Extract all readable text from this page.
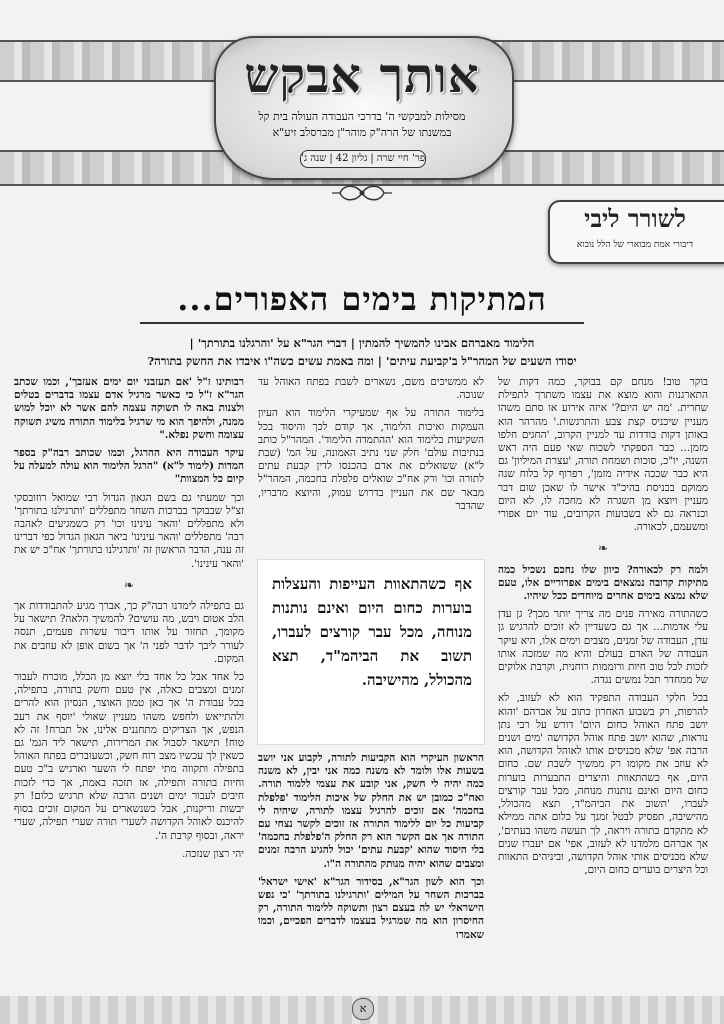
אותך אבקש
מסילות למבקשי ה' בדרכי העבודה העולה בית קל
במשנתו של הרה"ק מוהר"ן מברסלב זיע"א
פר' חיי שרה
|
גליון 42
|
שנה ג'
לשורר ליבי
דיבורי אמת מבוארי של הלל נובוא
המתיקות בימים האפורים...
הלימוד מאברהם אבינו להמשיך להמתין | דברי הגר"א על 'והרגלנו בתורתך' |
יסודו השעים של המהר"ל ב'קביעת עיתים' | ומה באמת עשים כשה"ו איבדו את החשק בתורה?

בוקר טוב! מנחם קם בבוקר, כמה דקות של התארגנות והוא מוצא את עצמו משתרך לתפילת שחרית. 'מה יש היום?' איזה אירוע או סתם משהו מעניין שיכניס קצת צבע והתרגשות.' מהרהר הוא באותן דקות בודדות עד למניין הקרוב, 'החגים חלפו מזמן... כבר הספקתי לשכוח שאי פעם היה ראש השנה, יו"כ, סוכות ושמחת תורה, 'עצרת המיליון' גם היא כבר שככה אידיה מזמן', רפרוף קל בלוח שנה ממוקם בכניסת בהיכ"ד אישר לו שאכן שום דבר מעניין ויוצא מן השגרה לא מחכה לו, לא היום וכנראה גם לא בשבועות הקרובים, עוד יום אפורי ומשעמם, לכאורה.

❧

ולמה רק לכאורה? כיוון שלו נחכם נשכיל כמה מתיקות קרובה נמצאים בימים אפרוריים אלו, טעם שלא נמצא בימים אחרים מיוחדים ככל שיהיו.

כשהתורה מאירה פנים מה צריך יותר מכך? גן עדן עלי אדמות... אך גם כשעדיין לא זוכים להרגיש גן עדן, העבודה של זמנים, מצבים וימים אלו, היא עיקר העבודה של האדם בעולם והיא מה שמזכה אותו לזכות לכל טוב חיות ורוממות רוחנית, וקרבת אלוקים של ממחדר תבל נמשים נגדה.

בכל חלקי העבודה התפקיד הוא לא לעזוב, לא להרפות, רק בשבוע האחרון כתוב על אברהם 'והוא יושב פתח האוהל כחום היום' דורש על רבי נתן נוראות, שהוא יושב פתח אוהל הקדושה 'מים ושנים הרבה אפ' שלא מכניסים אותו לאוהל הקדושה, הוא לא עוזב את מקומו רק ממשיך לשבת שם. כחום היום, אף כשהתאוות והיצרים התבערות בוערות כחום היום ואינם נותנות מנוחה, מכל עבר קורצים לעברו, 'תשוב את הביהמ"ד, תצא מהכולל, מהישיבה, תפסיק לבטל זמנך על כלום אתה ממילא לא מתקדם בתורה ויראה, לך תעשה משהו בעתים', אך אברהם מלמדנו לא לעזוב, אפי' אם יעברו שנים שלא מכניסים אותי אוהל הקדושה, וביניהים התאוות וכל היצרים בוערים כחום היום,

לא ממשיכים משם, נשארים לשבת בפתח האוהל עד שנוכה.

בלימוד התורה על אף שמעיקרי הלימוד הוא העיון העמקות ואיכות הלימוד, אך קודם לכך והיסוד בכל השקיעות בלימוד הוא 'ההתמדה הלימוד'. המהר"ל כותב בנתיבות עולם' חלק שני נתיב האמונה, על המ' (שבת ל"א) ששואלים את אדם בהכנסו לדין קבעת עתים לתורה וכו' ורק אח"כ שואלים פלפלת בחכמה, המהר"ל מבאר שם את העניין בדרוש עמוק, והיוצא מדבריו, שהדבר

אף כשהתאוות העייפות והעצלות בוערות כחום היום ואינם נותנות מנוחה, מכל עבר קורצים לעברו, תשוב את הביהמ"ד, תצא מהכולל, מהישיבה.

הראשון העיקרי הוא הקביעות לתורה, לקבוע אני יושב בשעות אלו ולומד לא משנה כמה אני יבין, לא משנה כמה יהיה לי חשק, אני קובע את עצמי ללמוד תורה. ואח"כ כמובן יש את החלק של איכות הלימוד 'פלפלת בחכמה' אם זוכים להרגיל עצמו לתורה, שיהיה לי קביעות כל יום ללימוד התורה אז זוכים לקשר נצחי עם התורה אך אם הקשר הוא רק החלק ה'פלפלת בחכמה' בלי היסוד שהוא 'קבעת עתים' יכול להגיע הרבה זמנים ומצבים שהוא יהיה מנותק מהתורה ה"ו.

וכך הוא לשון הגר"א, בסידור הגר"א 'אישי ישראל' בברכות השחר על המילים 'ותרגילנו בתורתך' 'כי נפש הישראלי יש לה בעצם רצון ותשוקה ללימוד התורה, רק החיסרון הוא מה שמרגיל בעצמו לדברים הפכיים, וכמו שאמרו

רבותינו ז"ל 'אם תעזבני יום ימים אעזבך', וכמו שכתב הגר"א ז"ל כי כאשר מרגיל אדם עצמו בדברים בטלים ולצנות באה לו תשוקה עצמה להם אשר לא יוכל למוש ממנה, ולהיפך הוא מי שרגיל בלימוד התורה משיג תשוקה עצומה וחשק נפלא."

עיקר העבודה היא ההרגל, וכמו שכותב רבה"ק בספר המדות (לימוד ל"א) "הרגל הלימוד הוא עולה למעלה על קיום כל המצוות"

וכך שמעתי גם בשם הגאון הגדול רבי שמואל רוזובסקי זצ"ל שבבוקר בברכות השחר מתפללים 'ותרגילנו בתורתך' ולא מתפללים 'והאר עינינו וכו' רק כשמגיעים לאהבה רבה' מתפללים 'והאר עינינו' ביאר הגאון הגדול כפי דברינו זה ענה, הדבר הראשון זה 'ותרגילנו בתורתך' אח"כ יש את 'והאר עינינו'.

❧

גם בתפילה לימדנו רבה"ק כך, אברך מגיע להתבודדות אך הלב אטום ויבש, מה עושים? להמשיך הלאה? תישאר על מקומך, תחזור על אותו דיבור עשרות פעמים, תנסה לעורר ליבך לדבר לפני ה' אך בשום אופן לא עוזבים את המקום.

כל אחד אבל כל אחד בלי יוצא מן הכלל, מוכרח לעבור זמנים ומצבים כאלה, אין טעם וחשק בתורה, בתפילה, בכל עבודת ה' אך כאן טמון האוצר, הנסיון הוא להרים ולהתייאש ולחפש משהו מעניין שאולי 'יוסף את רעב הנפש, אך הצדיקים מתחננים אלינו, אל תברח! זה לא טוח! תישאר לסבול את המרירות, תישאר ליד הגמ' גם כשאין לך עכשיו מצב רוח חשק, וכשעוברים בפתח האוהל בתפילה ותקווה מתי יפתח לי השער וארגיש ב"כ טעם וחיות בתורה ותפילה, אז תזכה באמת, אך כדי לזכות חיבים לעבור ימים ושנים הרבה שלא תרגיש כלום! רק יבשות וריקנות, אבל כשנשארים על המקום זוכים בסוף להיכנס לאוהל הקדושה לשערי תורה שערי תפילה, שערי יראה, ובסוף קרבת ה'.

יהי רצון שנזכה.

א
